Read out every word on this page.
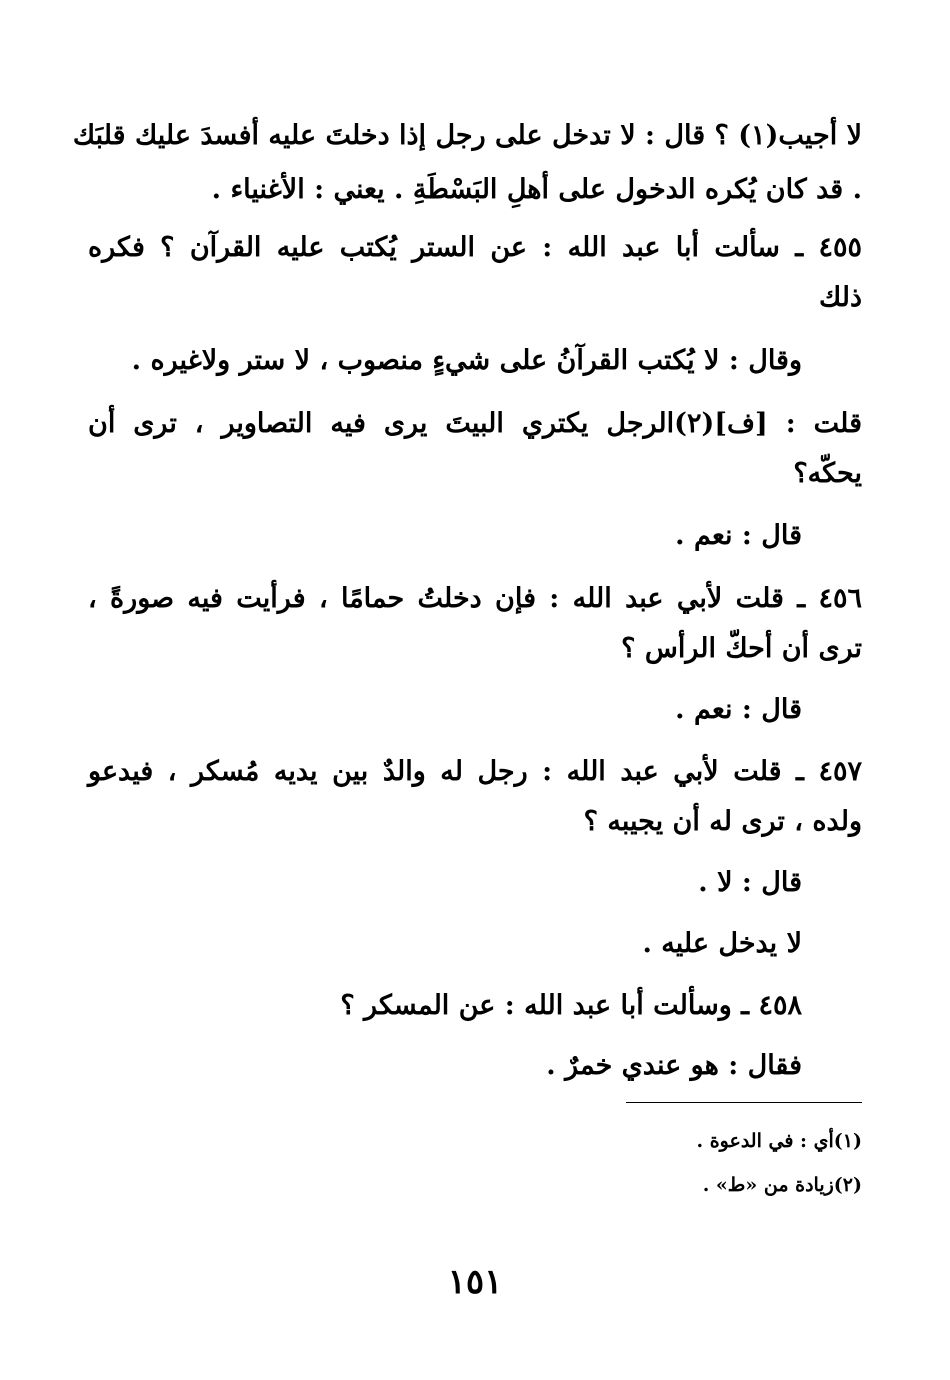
لا أجيب(١) ؟ قال : لا تدخل على رجل إذا دخلتَ عليه أفسدَ عليك قلبَك
. قد كان يُكره الدخول على أهلِ البَسْطَةِ . يعني : الأغنياء .
٤٥٥ ـ سألت أبا عبد الله : عن الستر يُكتب عليه القرآن ؟ فكره
ذلك
وقال : لا يُكتب القرآنُ على شيءٍ منصوب ، لا ستر ولاغيره .
قلت : [ف](٢)الرجل يكتري البيتَ يرى فيه التصاوير ، ترى أن
يحكّه؟
قال : نعم .
٤٥٦ ـ قلت لأبي عبد الله : فإن دخلتُ حمامًا ، فرأيت فيه صورةً ،
ترى أن أحكّ الرأس ؟
قال : نعم .
٤٥٧ ـ قلت لأبي عبد الله : رجل له والدٌ بين يديه مُسكر ، فيدعو
ولده ، ترى له أن يجيبه ؟
قال : لا .
لا يدخل عليه .
٤٥٨ ـ وسألت أبا عبد الله : عن المسكر ؟
فقال : هو عندي خمرٌ .
(١)أي : في الدعوة .
(٢)زيادة من «ط» .
١٥١
